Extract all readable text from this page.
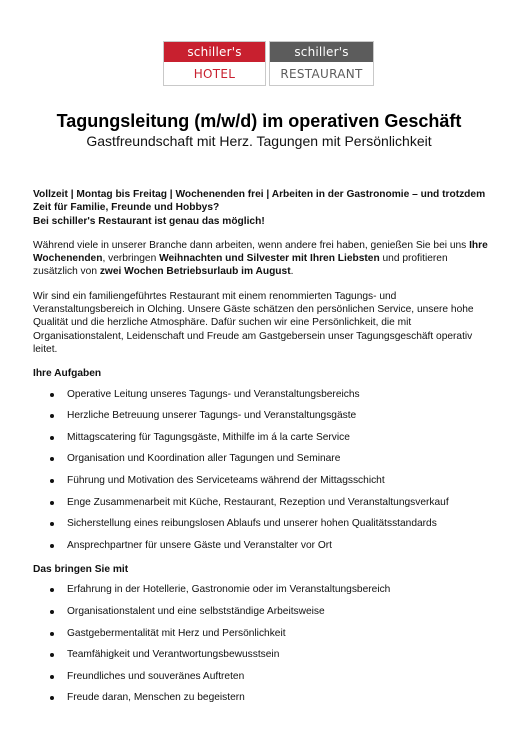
schiller's
HOTEL
schiller's
RESTAURANT
Tagungsleitung (m/w/d) im operativen Geschäft
Gastfreundschaft mit Herz. Tagungen mit Persönlichkeit

Vollzeit | Montag bis Freitag | Wochenenden frei | Arbeiten in der Gastronomie – und trotzdem Zeit für Familie, Freunde und Hobbys?
Bei schiller's Restaurant ist genau das möglich!

Während viele in unserer Branche dann arbeiten, wenn andere frei haben, genießen Sie bei uns Ihre Wochenenden, verbringen Weihnachten und Silvester mit Ihren Liebsten und profitieren zusätzlich von zwei Wochen Betriebsurlaub im August.

Wir sind ein familiengeführtes Restaurant mit einem renommierten Tagungs- und Veranstaltungsbereich in Olching. Unsere Gäste schätzen den persönlichen Service, unsere hohe Qualität und die herzliche Atmosphäre. Dafür suchen wir eine Persönlichkeit, die mit Organisationstalent, Leidenschaft und Freude am Gastgebersein unser Tagungsgeschäft operativ leitet.

Ihre Aufgaben
Operative Leitung unseres Tagungs- und Veranstaltungsbereichs
Herzliche Betreuung unserer Tagungs- und Veranstaltungsgäste
Mittagscatering für Tagungsgäste, Mithilfe im á la carte Service
Organisation und Koordination aller Tagungen und Seminare
Führung und Motivation des Serviceteams während der Mittagsschicht
Enge Zusammenarbeit mit Küche, Restaurant, Rezeption und Veranstaltungsverkauf
Sicherstellung eines reibungslosen Ablaufs und unserer hohen Qualitätsstandards
Ansprechpartner für unsere Gäste und Veranstalter vor Ort
Das bringen Sie mit
Erfahrung in der Hotellerie, Gastronomie oder im Veranstaltungsbereich
Organisationstalent und eine selbstständige Arbeitsweise
Gastgebermentalität mit Herz und Persönlichkeit
Teamfähigkeit und Verantwortungsbewusstsein
Freundliches und souveränes Auftreten
Freude daran, Menschen zu begeistern
